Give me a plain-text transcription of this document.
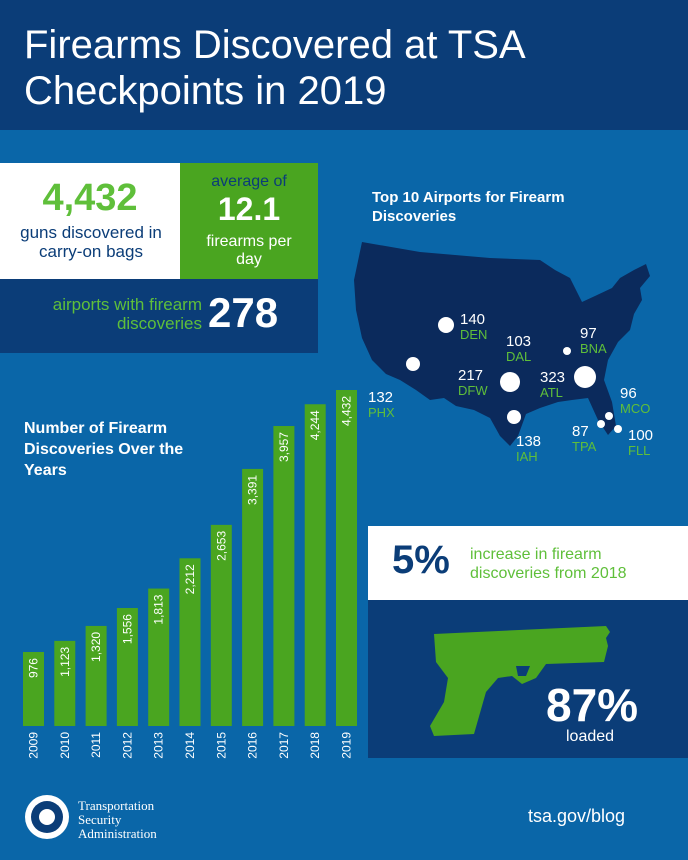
Firearms Discovered at TSA Checkpoints in 2019
4,432
guns discovered in carry-on bags
average of
12.1
firearms per day
airports with firearm discoveries 278
Top 10 Airports for Firearm Discoveries
140
DEN 103
DAL
97
BNA
132
PHX
217
DFW
323
ATL	96
MCO
138
IAH
87
TPA
100
FLL
Number of Firearm Discoveries Over the Years
976
2009
1,123
2010
1,320
2011
1,556
2012
1,813
2013
2,212
2014
2,653
2015
3,391
2016
3,957
2017
4,244
2018
4,432
2019
5% increase in firearm discoveries from 2018
87%
loaded
Transportation
Security
Administration
tsa.gov/blog
